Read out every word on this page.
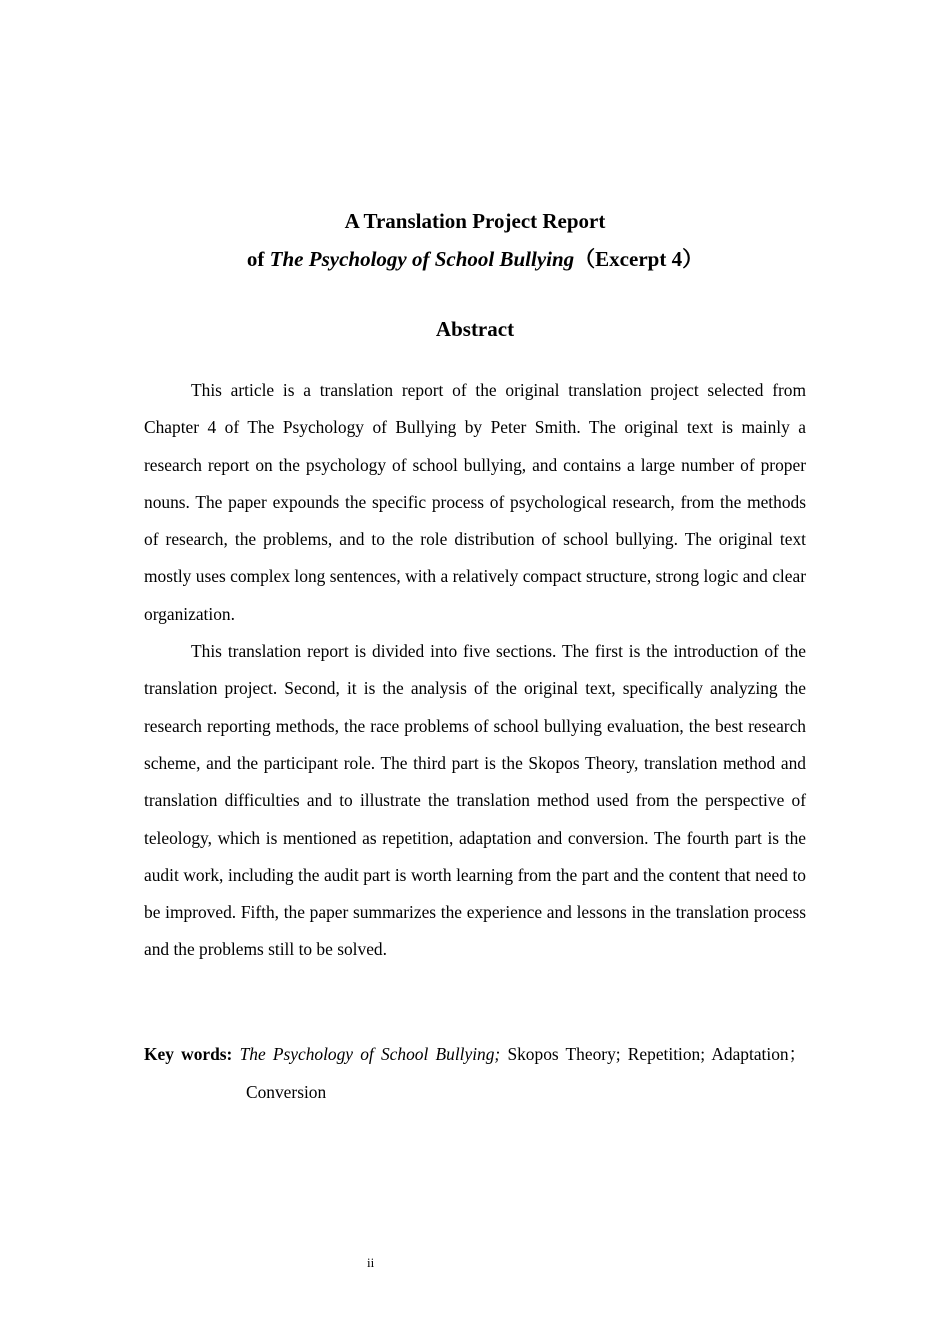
A Translation Project Report
of The Psychology of School Bullying（Excerpt 4）
Abstract

This article is a translation report of the original translation project selected from Chapter 4 of The Psychology of Bullying by Peter Smith. The original text is mainly a research report on the psychology of school bullying, and contains a large number of proper nouns. The paper expounds the specific process of psychological research, from the methods of research, the problems, and to the role distribution of school bullying. The original text mostly uses complex long sentences, with a relatively compact structure, strong logic and clear organization.

This translation report is divided into five sections. The first is the introduction of the translation project. Second, it is the analysis of the original text, specifically analyzing the research reporting methods, the race problems of school bullying evaluation, the best research scheme, and the participant role. The third part is the Skopos Theory, translation method and translation difficulties and to illustrate the translation method used from the perspective of teleology, which is mentioned as repetition, adaptation and conversion. The fourth part is the audit work, including the audit part is worth learning from the part and the content that need to be improved. Fifth, the paper summarizes the experience and lessons in the translation process and the problems still to be solved.

Key words: The Psychology of School Bullying; Skopos Theory; Repetition; Adaptation；Conversion
ii
